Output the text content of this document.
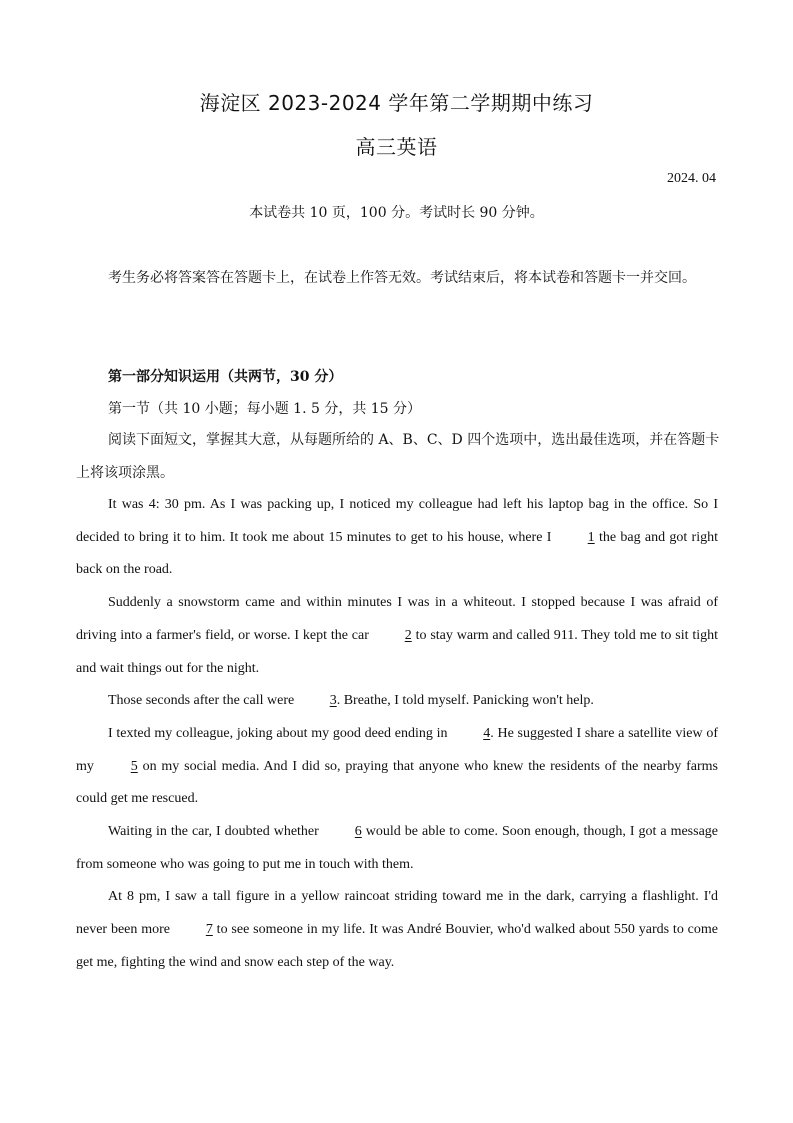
海淀区 2023-2024 学年第二学期期中练习
高三英语
2024. 04
本试卷共 10 页，100 分。考试时长 90 分钟。
考生务必将答案答在答题卡上，在试卷上作答无效。考试结束后，将本试卷和答题卡一并交回。
第一部分知识运用（共两节，30 分）
第一节（共 10 小题；每小题 1. 5 分，共 15 分）
阅读下面短文，掌握其大意，从每题所给的 A、B、C、D 四个选项中，选出最佳选项，并在答题卡上将该项涂黑。

It was 4: 30 pm. As I was packing up, I noticed my colleague had left his laptop bag in the office. So I decided to bring it to him. It took me about 15 minutes to get to his house, where I 1 the bag and got right back on the road.

Suddenly a snowstorm came and within minutes I was in a whiteout. I stopped because I was afraid of driving into a farmer's field, or worse. I kept the car 2 to stay warm and called 911. They told me to sit tight and wait things out for the night.

Those seconds after the call were 3. Breathe, I told myself. Panicking won't help.

I texted my colleague, joking about my good deed ending in 4. He suggested I share a satellite view of my 5 on my social media. And I did so, praying that anyone who knew the residents of the nearby farms could get me rescued.

Waiting in the car, I doubted whether 6 would be able to come. Soon enough, though, I got a message from someone who was going to put me in touch with them.

At 8 pm, I saw a tall figure in a yellow raincoat striding toward me in the dark, carrying a flashlight. I'd never been more 7 to see someone in my life. It was André Bouvier, who'd walked about 550 yards to come get me, fighting the wind and snow each step of the way.
